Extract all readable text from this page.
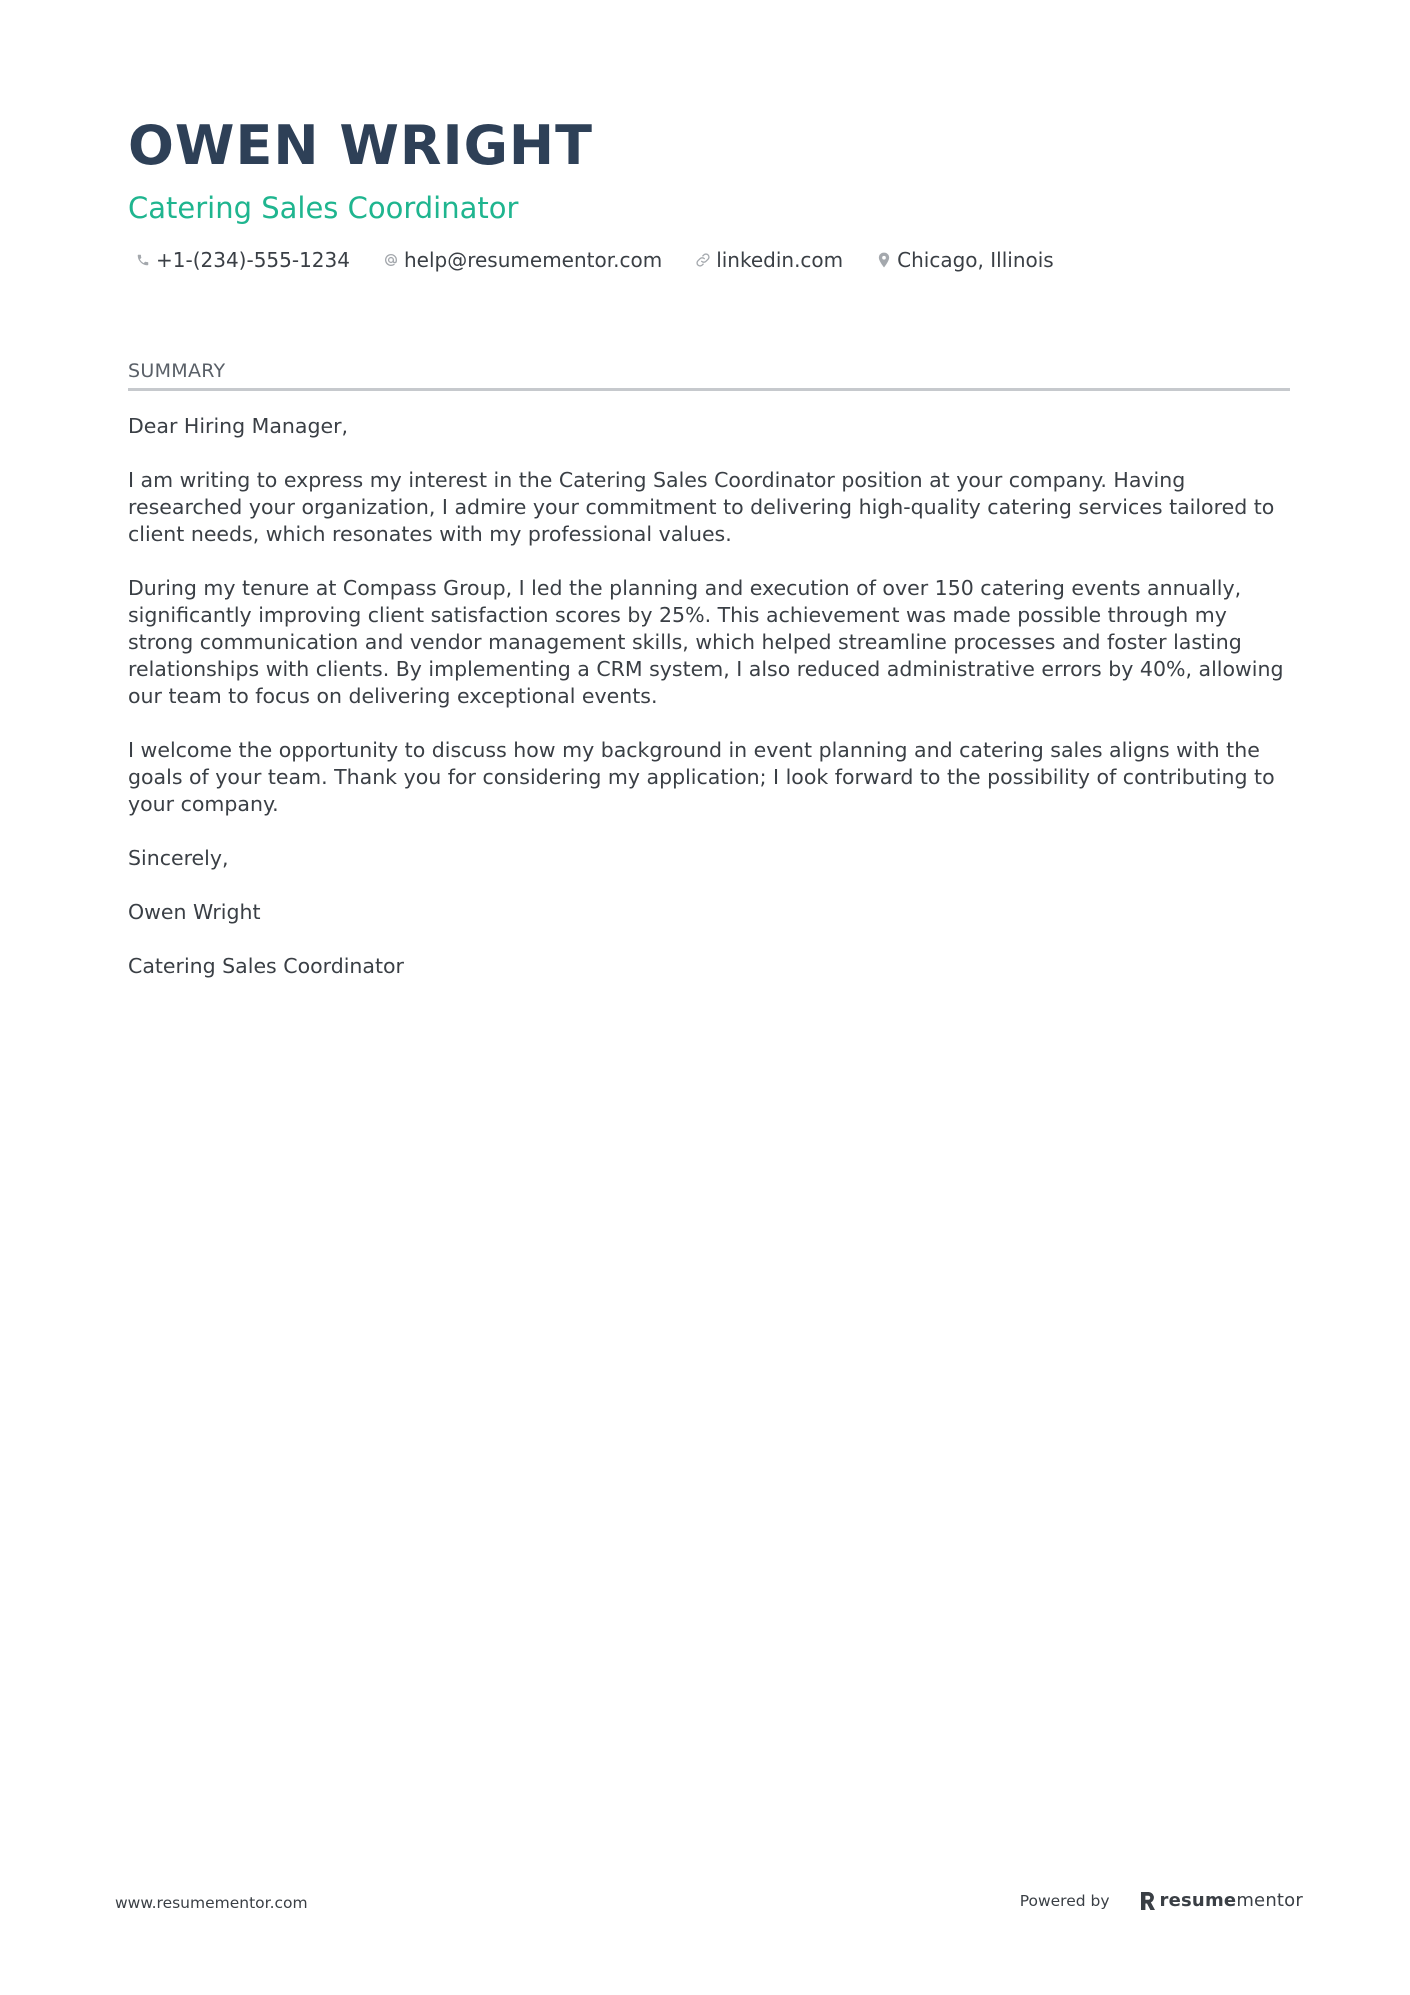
OWEN WRIGHT
Catering Sales Coordinator
+1-(234)-555-1234	help@resumementor.com	linkedin.com	Chicago, Illinois
SUMMARY

Dear Hiring Manager,

I am writing to express my interest in the Catering Sales Coordinator position at your company. Having researched your organization, I admire your commitment to delivering high-quality catering services tailored to client needs, which resonates with my professional values.

During my tenure at Compass Group, I led the planning and execution of over 150 catering events annually, significantly improving client satisfaction scores by 25%. This achievement was made possible through my strong communication and vendor management skills, which helped streamline processes and foster lasting relationships with clients. By implementing a CRM system, I also reduced administrative errors by 40%, allowing our team to focus on delivering exceptional events.

I welcome the opportunity to discuss how my background in event planning and catering sales aligns with the goals of your team. Thank you for considering my application; I look forward to the possibility of contributing to your company.

Sincerely,

Owen Wright

Catering Sales Coordinator

www.resumementor.com	Powered by	resumementor
